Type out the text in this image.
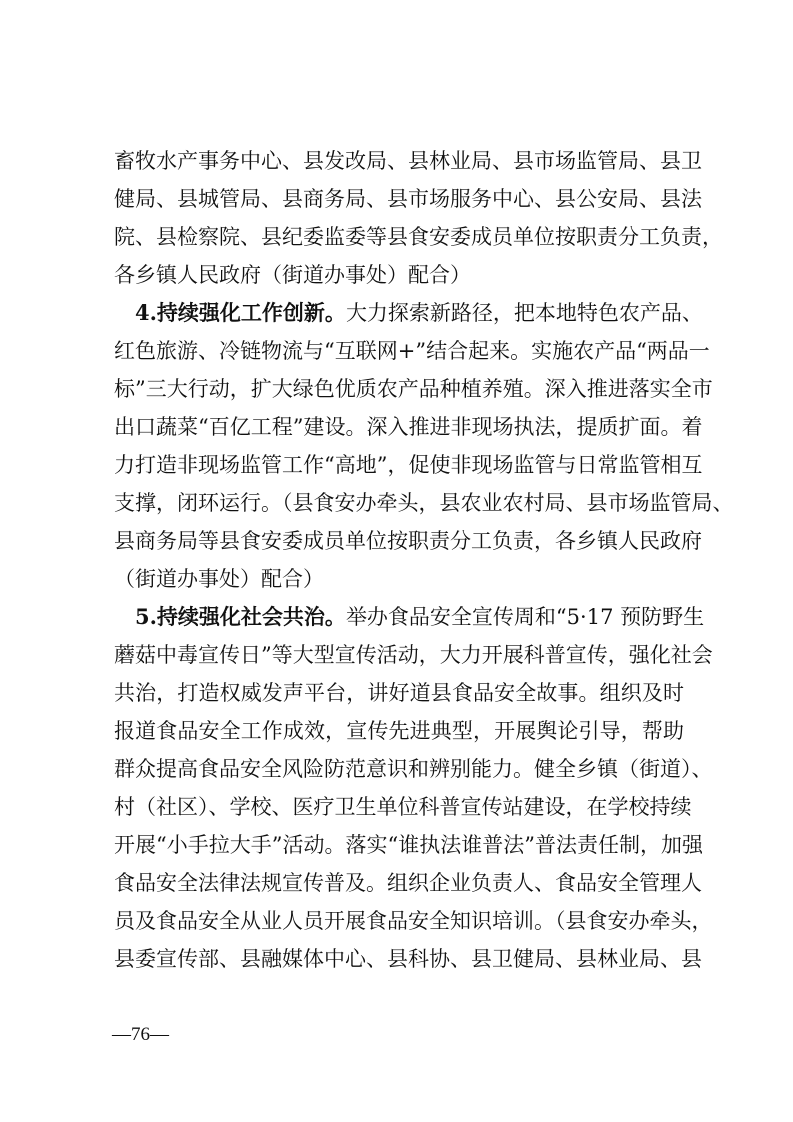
畜牧水产事务中心、县发改局、县林业局、县市场监管局、县卫
健局、县城管局、县商务局、县市场服务中心、县公安局、县法
院、县检察院、县纪委监委等县食安委成员单位按职责分工负责，
各乡镇人民政府（街道办事处）配合）
4.持续强化工作创新。大力探索新路径，把本地特色农产品、
红色旅游、冷链物流与“互联网+”结合起来。实施农产品“两品一
标”三大行动，扩大绿色优质农产品种植养殖。深入推进落实全市
出口蔬菜“百亿工程”建设。深入推进非现场执法，提质扩面。着
力打造非现场监管工作“高地”，促使非现场监管与日常监管相互
支撑，闭环运行。（县食安办牵头，县农业农村局、县市场监管局、
县商务局等县食安委成员单位按职责分工负责，各乡镇人民政府
（街道办事处）配合）
5.持续强化社会共治。举办食品安全宣传周和“5·17 预防野生
蘑菇中毒宣传日”等大型宣传活动，大力开展科普宣传，强化社会
共治，打造权威发声平台，讲好道县食品安全故事。组织及时
报道食品安全工作成效，宣传先进典型，开展舆论引导，帮助
群众提高食品安全风险防范意识和辨别能力。健全乡镇（街道）、
村（社区）、学校、医疗卫生单位科普宣传站建设，在学校持续
开展“小手拉大手”活动。落实“谁执法谁普法”普法责任制，加强
食品安全法律法规宣传普及。组织企业负责人、食品安全管理人
员及食品安全从业人员开展食品安全知识培训。（县食安办牵头，
县委宣传部、县融媒体中心、县科协、县卫健局、县林业局、县
—76—
